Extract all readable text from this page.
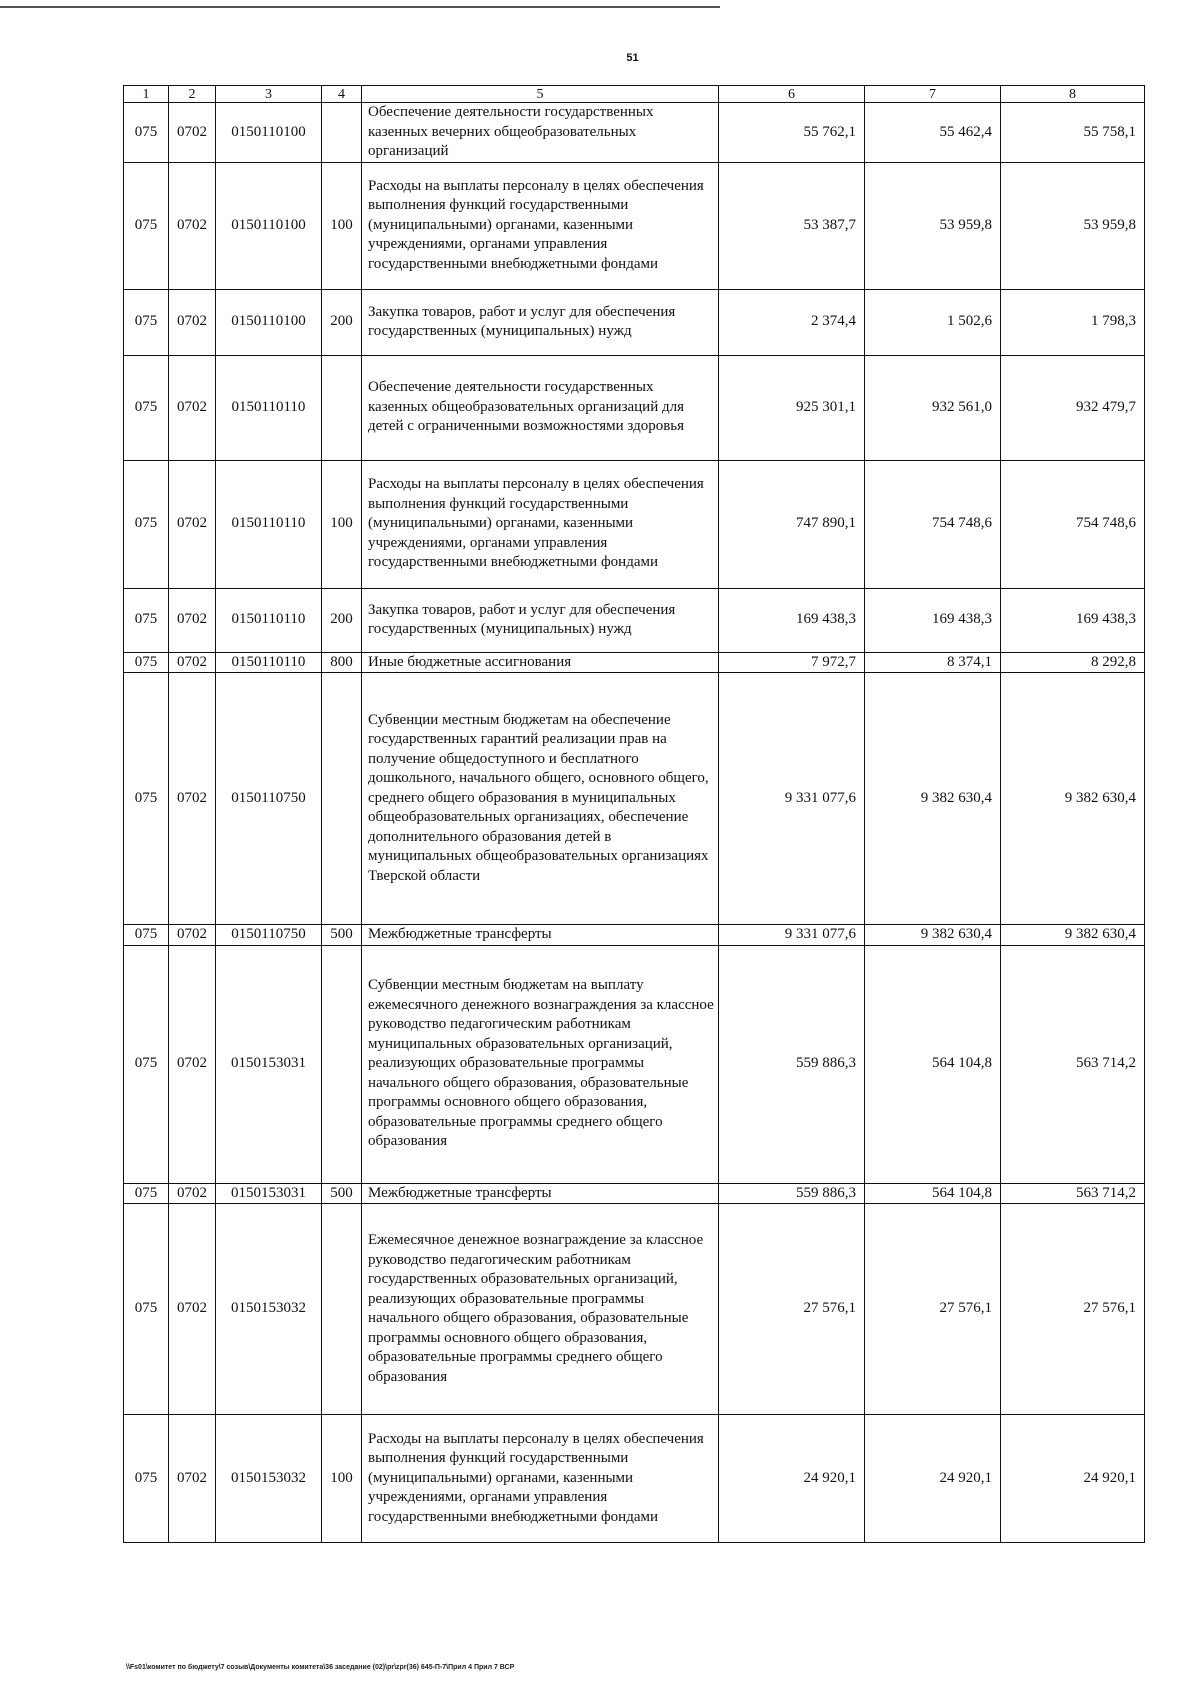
51
1	2	3	4	5	6	7	8
075	0702	0150110100		Обеспечение деятельности государственных казенных вечерних общеобразовательных организаций	55 762,1	55 462,4	55 758,1
075	0702	0150110100	100	Расходы на выплаты персоналу в целях обеспечения выполнения функций государственными (муниципальными) органами, казенными учреждениями, органами управления государственными внебюджетными фондами	53 387,7	53 959,8	53 959,8
075	0702	0150110100	200	Закупка товаров, работ и услуг для обеспечения государственных (муниципальных) нужд	2 374,4	1 502,6	1 798,3
075	0702	0150110110		Обеспечение деятельности государственных казенных общеобразовательных организаций для детей с ограниченными возможностями здоровья	925 301,1	932 561,0	932 479,7
075	0702	0150110110	100	Расходы на выплаты персоналу в целях обеспечения выполнения функций государственными (муниципальными) органами, казенными учреждениями, органами управления государственными внебюджетными фондами	747 890,1	754 748,6	754 748,6
075	0702	0150110110	200	Закупка товаров, работ и услуг для обеспечения государственных (муниципальных) нужд	169 438,3	169 438,3	169 438,3
075	0702	0150110110	800	Иные бюджетные ассигнования	7 972,7	8 374,1	8 292,8
075	0702	0150110750		Субвенции местным бюджетам на обеспечение государственных гарантий реализации прав на получение общедоступного и бесплатного дошкольного, начального общего, основного общего, среднего общего образования в муниципальных общеобразовательных организациях, обеспечение дополнительного образования детей в муниципальных общеобразовательных организациях Тверской области	9 331 077,6	9 382 630,4	9 382 630,4
075	0702	0150110750	500	Межбюджетные трансферты	9 331 077,6	9 382 630,4	9 382 630,4
075	0702	0150153031		Субвенции местным бюджетам на выплату ежемесячного денежного вознаграждения за классное руководство педагогическим работникам муниципальных образовательных организаций, реализующих образовательные программы начального общего образования, образовательные программы основного общего образования, образовательные программы среднего общего образования	559 886,3	564 104,8	563 714,2
075	0702	0150153031	500	Межбюджетные трансферты	559 886,3	564 104,8	563 714,2
075	0702	0150153032		Ежемесячное денежное вознаграждение за классное руководство педагогическим работникам государственных образовательных организаций, реализующих образовательные программы начального общего образования, образовательные программы основного общего образования, образовательные программы среднего общего образования	27 576,1	27 576,1	27 576,1
075	0702	0150153032	100	Расходы на выплаты персоналу в целях обеспечения выполнения функций государственными (муниципальными) органами, казенными учреждениями, органами управления государственными внебюджетными фондами	24 920,1	24 920,1	24 920,1
\\Fs01\комитет по бюджету\7 созыв\Документы комитета\36 заседание (02)\pr\zpr(36) 645-П-7\Прил 4 Прил 7 ВСР
